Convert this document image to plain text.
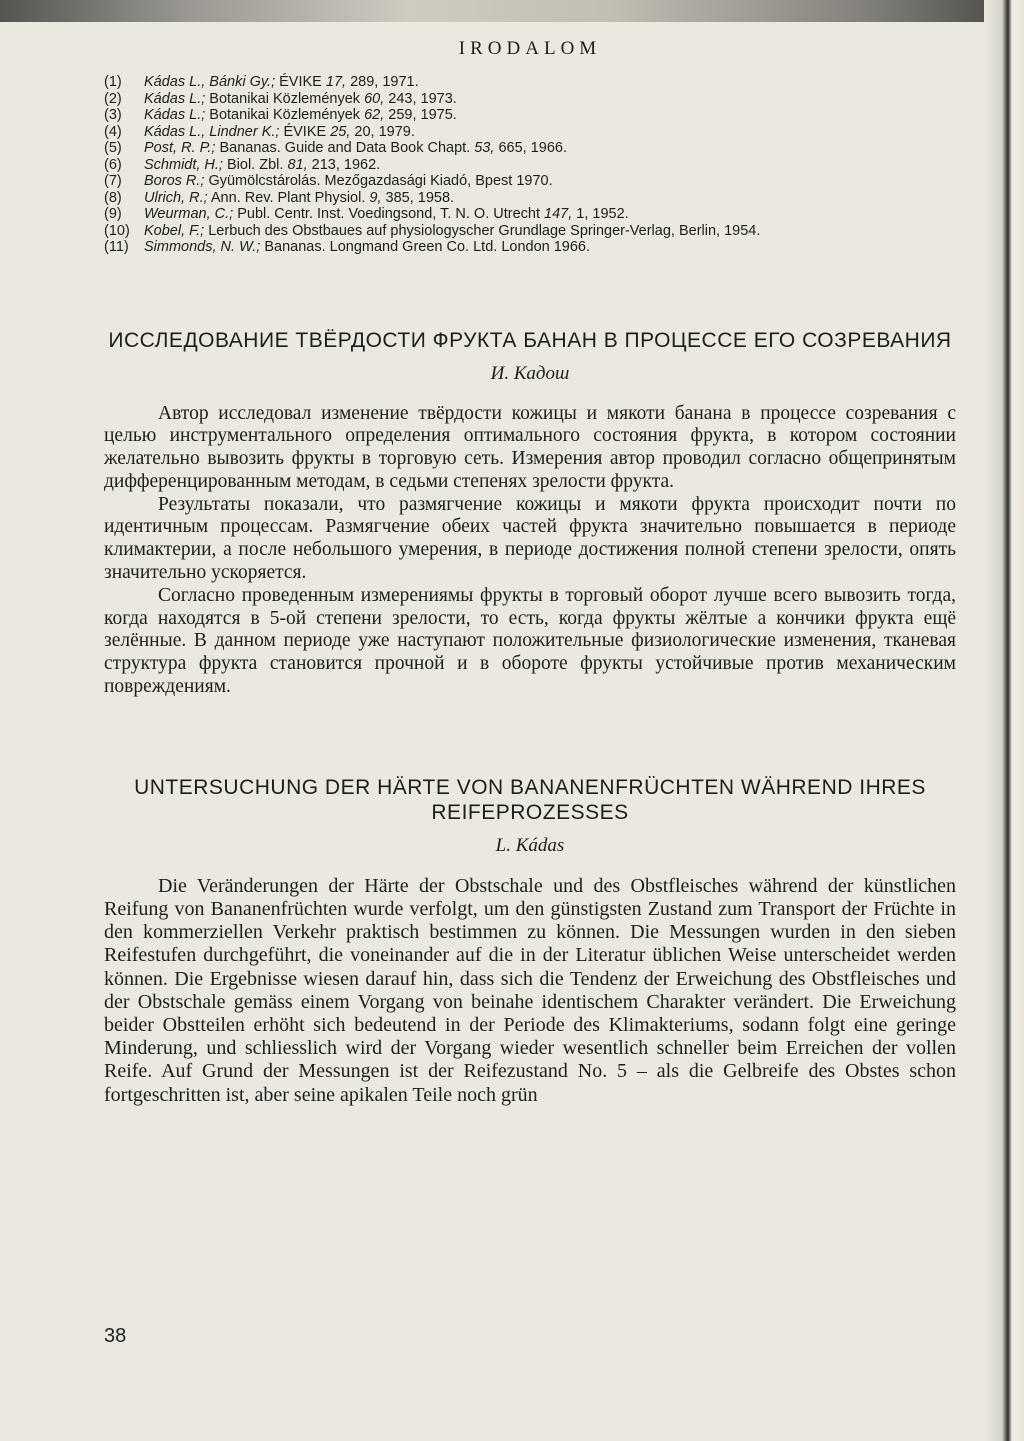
IRODALOM
(1)	Kádas L., Bánki Gy.; ÉVIKE 17, 289, 1971.
(2)	Kádas L.; Botanikai Közlemények 60, 243, 1973.
(3)	Kádas L.; Botanikai Közlemények 62, 259, 1975.
(4)	Kádas L., Lindner K.; ÉVIKE 25, 20, 1979.
(5)	Post, R. P.; Bananas. Guide and Data Book Chapt. 53, 665, 1966.
(6)	Schmidt, H.; Biol. Zbl. 81, 213, 1962.
(7)	Boros R.; Gyümölcstárolás. Mezőgazdasági Kiadó, Bpest 1970.
(8)	Ulrich, R.; Ann. Rev. Plant Physiol. 9, 385, 1958.
(9)	Weurman, C.; Publ. Centr. Inst. Voedingsond, T. N. O. Utrecht 147, 1, 1952.
(10) Kobel, F.; Lerbuch des Obstbaues auf physiologyscher Grundlage Springer-Verlag, Berlin, 1954.
(11)	Simmonds, N. W.; Bananas. Longmand Green Co. Ltd. London 1966.
ИССЛЕДОВАНИЕ ТВЁРДОСТИ ФРУКТА БАНАН В ПРОЦЕССЕ ЕГО СОЗРЕВАНИЯ
И. Кадош

Автор исследовал изменение твёрдости кожицы и мякоти банана в процессе созревания с целью инструментального определения оптимального состояния фрукта, в котором состоянии желательно вывозить фрукты в торговую сеть. Измерения автор проводил согласно общепринятым дифференцированным методам, в седьми степенях зрелости фрукта.

Результаты показали, что размягчение кожицы и мякоти фрукта происходит почти по идентичным процессам. Размягчение обеих частей фрукта значительно повышается в периоде климактерии, а после небольшого умерения, в периоде достижения полной степени зрелости, опять значительно ускоряется.

Согласно проведенным измерениямы фрукты в торговый оборот лучше всего вывозить тогда, когда находятся в 5-ой степени зрелости, то есть, когда фрукты жёлтые а кончики фрукта ещё зелённые. В данном периоде уже наступают положительные физиологические изменения, тканевая структура фрукта становится прочной и в обороте фрукты устойчивые против механическим повреждениям.

UNTERSUCHUNG DER HÄRTE VON BANANENFRÜCHTEN WÄHREND IHRES REIFEPROZESSES
L. Kádas

Die Veränderungen der Härte der Obstschale und des Obstfleisches während der künstlichen Reifung von Bananenfrüchten wurde verfolgt, um den günstigsten Zustand zum Transport der Früchte in den kommerziellen Verkehr praktisch bestimmen zu können. Die Messungen wurden in den sieben Reifestufen durchgeführt, die voneinander auf die in der Literatur üblichen Weise unterscheidet werden können. Die Ergebnisse wiesen darauf hin, dass sich die Tendenz der Erweichung des Obstfleisches und der Obstschale gemäss einem Vorgang von beinahe identischem Charakter verändert. Die Erweichung beider Obstteilen erhöht sich bedeutend in der Periode des Klimakteriums, sodann folgt eine geringe Minderung, und schliesslich wird der Vorgang wieder wesentlich schneller beim Erreichen der vollen Reife. Auf Grund der Messungen ist der Reifezustand No. 5 – als die Gelbreife des Obstes schon fortgeschritten ist, aber seine apikalen Teile noch grün

38
